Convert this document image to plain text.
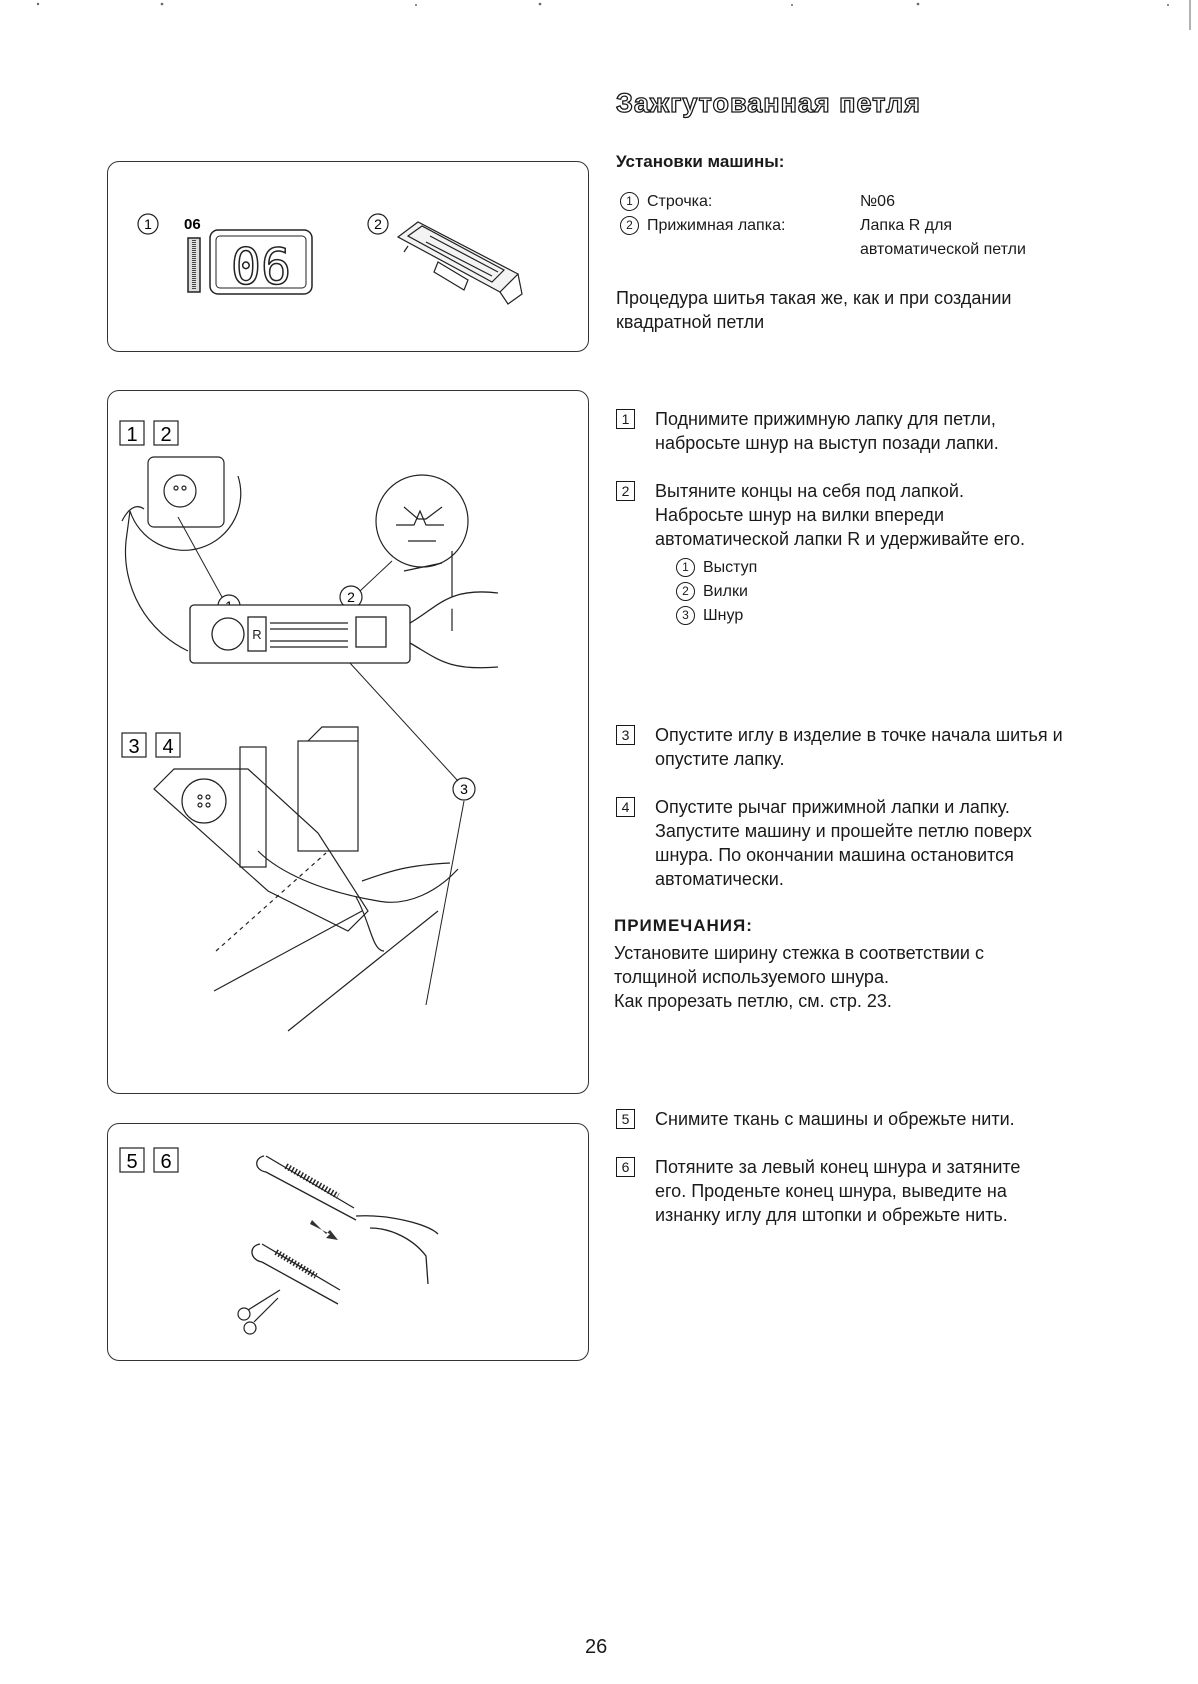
Зажгутованная петля
Установки машины:
1 Строчка:	№06
2 Прижимная лапка:	Лапка R для
автоматической петли
Процедура шитья такая же, как и при создании
квадратной петли
1	Поднимите прижимную лапку для петли,
набросьте шнур на выступ позади лапки.
2	Вытяните концы на себя под лапкой.
Набросьте шнур на вилки впереди
автоматической лапки R и удерживайте его.
1 Выступ
2 Вилки
3 Шнур
3	Опустите иглу в изделие в точке начала шитья и
опустите лапку.
4	Опустите рычаг прижимной лапки и лапку.
Запустите машину и прошейте петлю поверх
шнура. По окончании машина остановится
автоматически.
ПРИМЕЧАНИЯ:
Установите ширину стежка в соответствии с
толщиной используемого шнура.
Как прорезать петлю, см. стр. 23.
5	Снимите ткань с машины и обрежьте нити.
6	Потяните за левый конец шнура и затяните
его. Проденьте конец шнура, выведите на
изнанку иглу для штопки и обрежьте нить.
1 06
06
2
1 2
3 4
2
3
R
5 6
26
